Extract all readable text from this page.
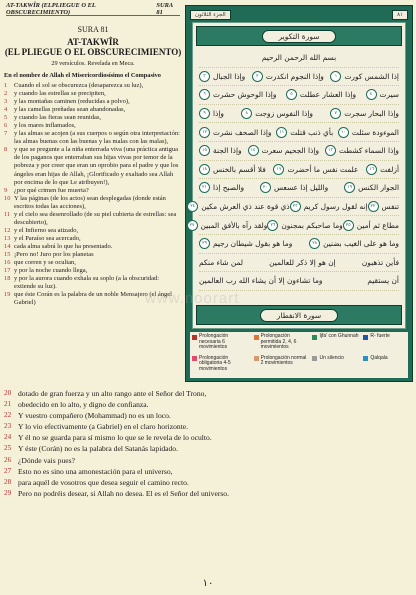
AT-TAKWÎR (ELPLIEGUE O EL OBSCURECIMIENTO)
SURA 81
SURA 81
AT-TAKWÎR
(EL PLIEGUE O EL OBSCURECIMIENTO)
29 versículos. Revelada en Meca.
En el nombre de Allah el Misericordiosísimo el Compasivo
1	Cuando el sol se obscurezca (desaparezca su luz),
2	y cuando las estrellas se precipiten,
3	y las montañas caminen (reducidas a polvo),
4	y las camellas preñadas sean abandonadas,
5	y cuando las fieras sean reunidas,
6	y los mares inflamados,
7	y las almas se acojen (a sus cuerpos o según otra interpretación: las almas buenas con las buenas y las malas con las malas),
8	y que se pregunte a la niña enterrada viva (una práctica antigua de los paganos que enterraban sus hijas vivas por temor de la pobreza y por creer que eran un oprobio para el padre y que los ángeles eran hijas de Allah, ¡Glorificado y exaltado sea Allah por encima de lo que Le atribuyen!),
9	¿por qué crimen fue muerta?
10 Y las páginas (de los actos) sean desplegadas (donde están escritos todas las acciones),
11 y el cielo sea desenrollado (de su piel cubierta de estrellas: sea descubierto),
12 y el Infierno sea atizado,
13 y el Paraíso sea acercado,
14 cada alma sabrá lo que ha presentado.
15 ¡Pero no! Juro por los planetas
16 que corren y se ocultan,
17 y por la noche cuando llega,
18 y por la aurora cuando exhala su soplo (a la obscuridad: extiende su luz).
19 que éste Corán es la palabra de un noble Mensajero (el ángel Gabriel)
الجزء الثلاثون	٨١
سورة التكوير
بسم الله الرحمن الرحيم
إذا الشمس كورت
١
وإذا النجوم انكدرت
٢
وإذا الجبال
٣
سيرت
٤
وإذا العشار عطلت
٥
وإذا الوحوش حشرت
٦
وإذا البحار سجرت
٧
وإذا النفوس زوجت
٨
وإذا
٩
الموءودة سئلت
١٠
بأي ذنب قتلت
١١
وإذا الصحف نشرت
١٢
وإذا السماء كشطت
١٣
وإذا الجحيم سعرت
١٤
وإذا الجنة
١٥
أزلفت
١٦
علمت نفس ما أحضرت
١٧
فلا أقسم بالخنس
١٨
الجوار الكنس
١٩
والليل إذا عسعس
٢٠
والصبح إذا
٢١
تنفس
٢٢
إنه لقول رسول كريم
٢٣
ذي قوة عند ذي العرش مكين
٢٤
مطاع ثم أمين
٢٥
وما صاحبكم بمجنون
٢٦
ولقد رآه بالأفق المبين
٢٧
وما هو على الغيب بضنين
٢٨
وما هو بقول شيطان رجيم
٢٩
فأين تذهبون
إن هو إلا ذكر للعالمين
لمن شاء منكم
أن يستقيم
وما تشاءون إلا أن يشاء الله رب العالمين
سورة الانفطار
Prolongación necesaria 6 movimientos
Prolongación permitida 2, 4, 6 movimientos
Ijfa' con Ghunnah R- fuerte
Prolongación obligatoria 4-5 movimientos
Prolongación normal 2 movimientos
Un silencio	Qalqala
www.noorart
20 dotado de gran fuerza y un alto rango ante el Señor del Trono,
21 obedecido en lo alto, y digno de confianza.
22 Y vuestro compañero (Mohammad) no es un loco.
23 Y lo vio efectivamente (a Gabriel) en el claro horizonte.
24 Y él no se guarda para sí mismo lo que se le revela de lo oculto.
25 Y éste (Corán) no es la palabra del Satanás lapidado.
26 ¿Dónde vais pues?
27 Esto no es sino una amonestación para el universo,
28 para aquél de vosotros que desea seguir el camino recto.
29 Pero no podréis desear, si Allah no desea. El es el Señor del universo.
١٠
